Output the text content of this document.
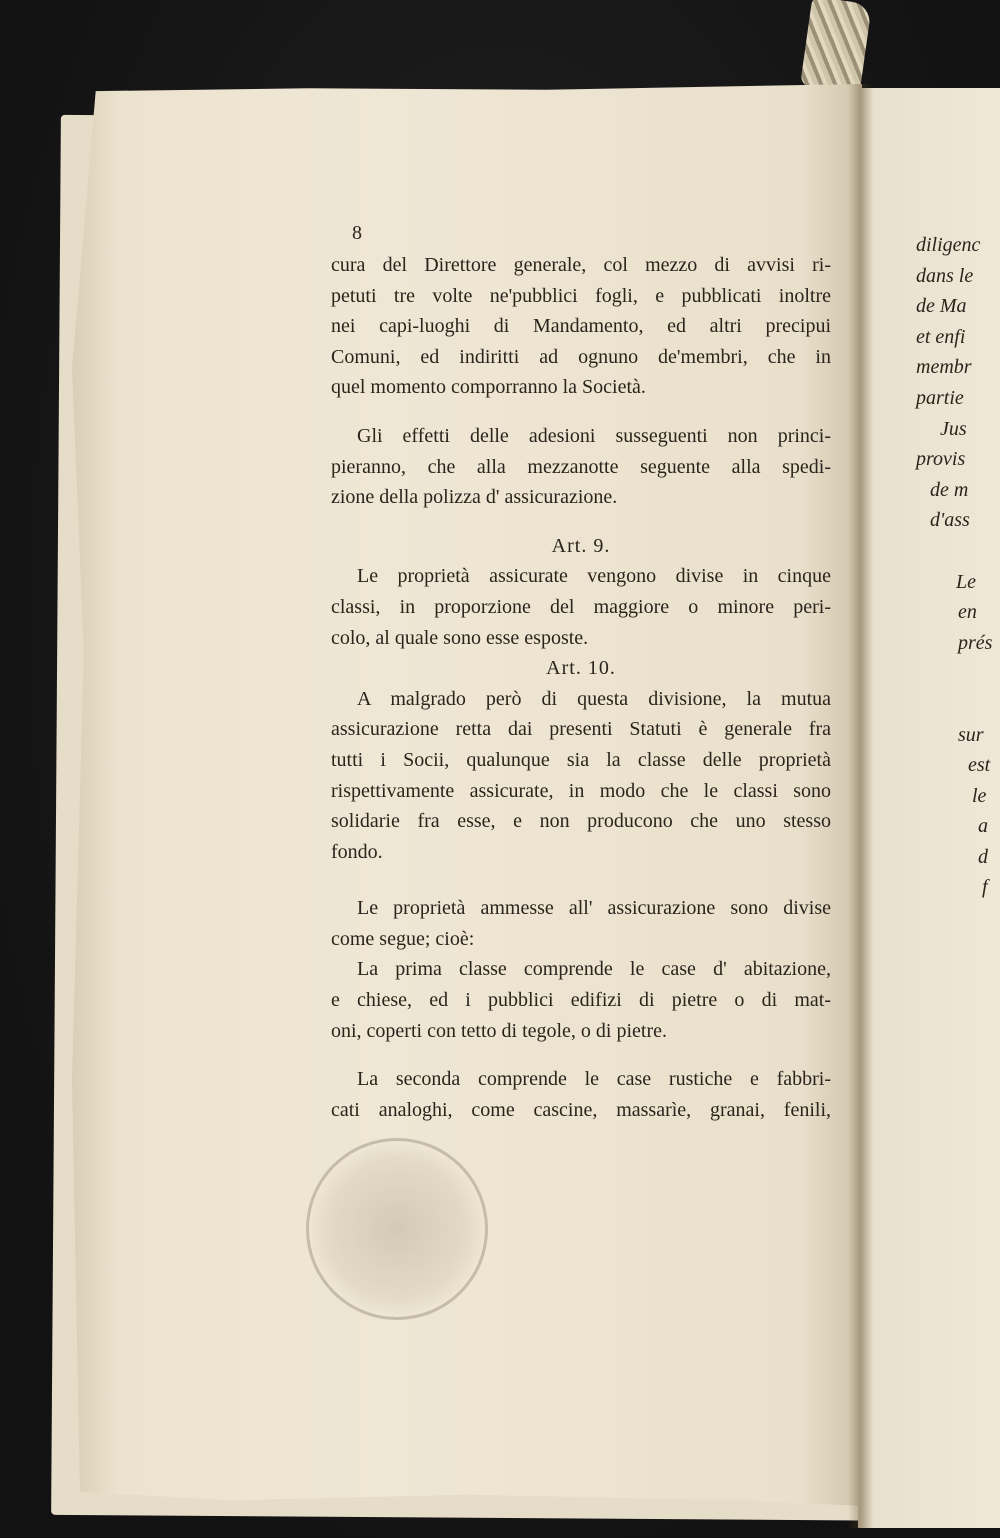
8
cura del Direttore generale, col mezzo di avvisi ri-
petuti tre volte ne'pubblici fogli, e pubblicati inoltre
nei capi-luoghi di Mandamento, ed altri precipui
Comuni, ed indiritti ad ognuno de'membri, che in
quel momento comporranno la Società.
Gli effetti delle adesioni susseguenti non princi-
pieranno, che alla mezzanotte seguente alla spedi-
zione della polizza d' assicurazione.
Art. 9.
Le proprietà assicurate vengono divise in cinque
classi, in proporzione del maggiore o minore peri-
colo, al quale sono esse esposte.
Art. 10.
A malgrado però di questa divisione, la mutua
assicurazione retta dai presenti Statuti è generale fra
tutti i Socii, qualunque sia la classe delle proprietà
rispettivamente assicurate, in modo che le classi sono
solidarie fra esse, e non producono che uno stesso
fondo.
Le proprietà ammesse all' assicurazione sono divise
come segue; cioè:
La prima classe comprende le case d' abitazione,
e chiese, ed i pubblici edifizi di pietre o di mat-
oni, coperti con tetto di tegole, o di pietre.
La seconda comprende le case rustiche e fabbri-
cati analoghi, come cascine, massarìe, granai, fenili,
diligenc
dans le
de Ma
et enfi
membr
partie
Jus
provis
de m
d'ass

Le
en
prés

sur
est
le
a
d
f
